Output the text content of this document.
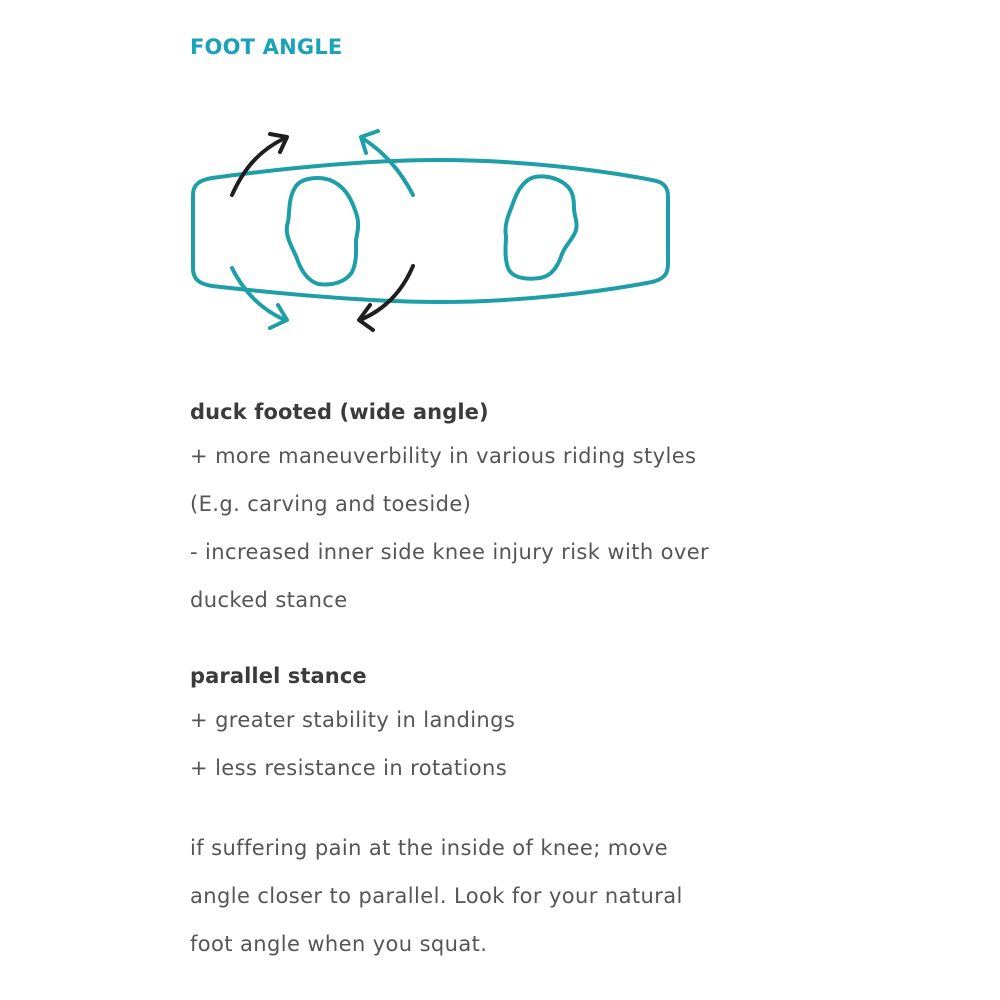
FOOT ANGLE

duck footed (wide angle)

+ more maneuverbility in various riding styles

(E.g. carving and toeside)

- increased inner side knee injury risk with over

ducked stance

parallel stance

+ greater stability in landings

+ less resistance in rotations

if suffering pain at the inside of knee; move

angle closer to parallel. Look for your natural

foot angle when you squat.
